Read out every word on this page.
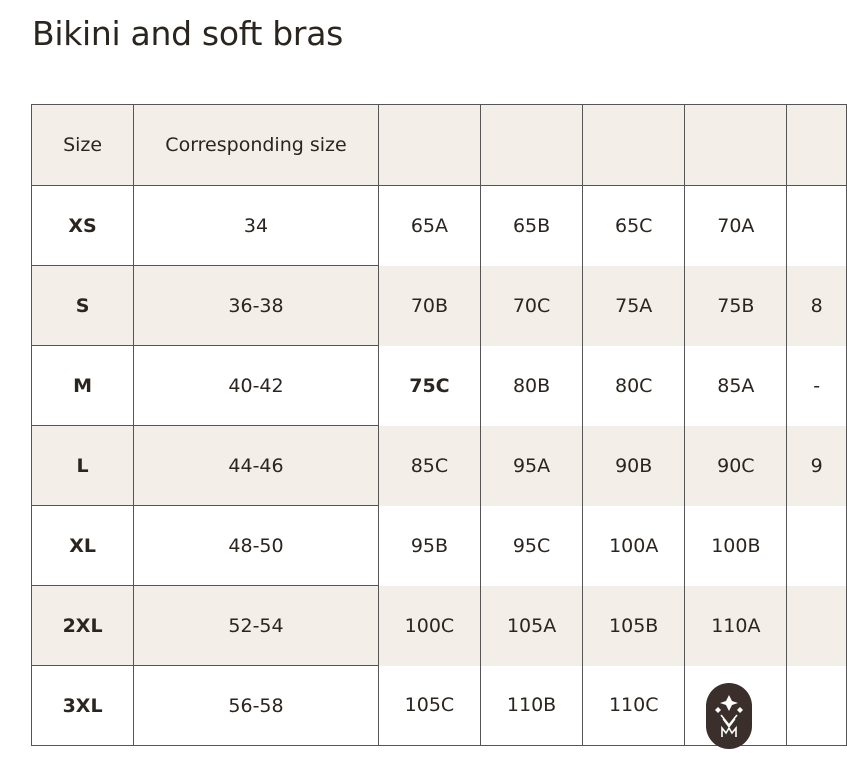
Bikini and soft bras
Size	Corresponding size					
XS	34	65A	65B	65C	70A	
S	36-38	70B	70C	75A	75B	8
M	40-42	75C	80B	80C	85A	-
L	44-46	85C	95A	90B	90C	9
XL	48-50	95B	95C	100A	100B	
2XL	52-54	100C	105A	105B	110A	
3XL	56-58	105C	110B	110C		
